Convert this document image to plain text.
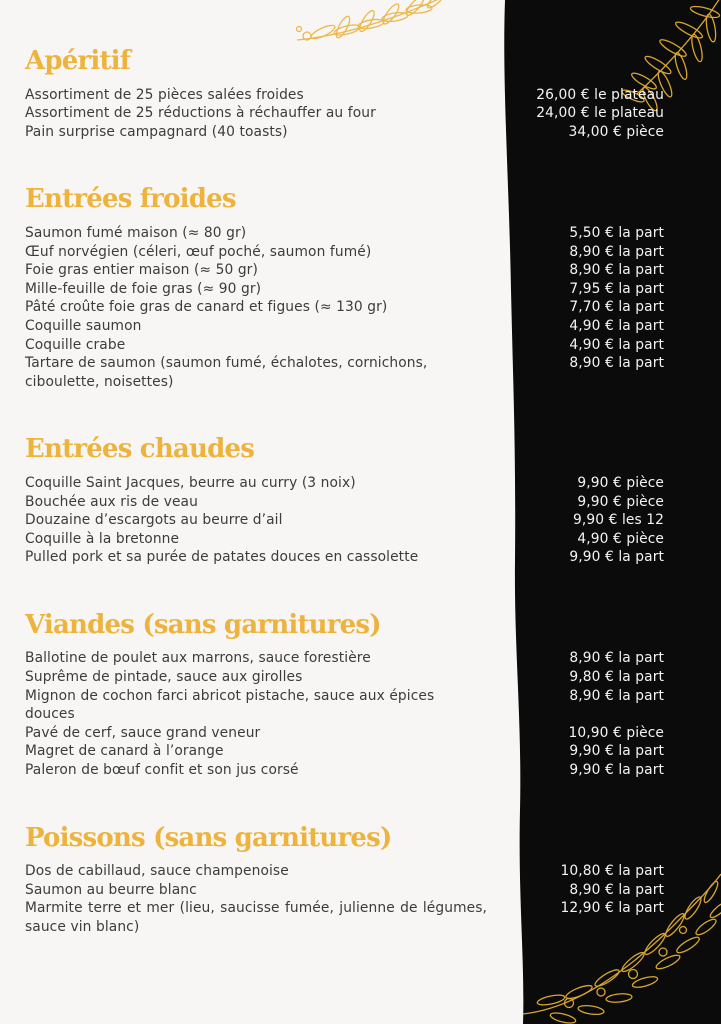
Apéritif
Assortiment de 25 pièces salées froides	26,00 € le plateau
Assortiment de 25 réductions à réchauffer au four	24,00 € le plateau
Pain surprise campagnard (40 toasts)	34,00 € pièce
Entrées froides
Saumon fumé maison (≈ 80 gr)	5,50 € la part
Œuf norvégien (céleri, œuf poché, saumon fumé)	8,90 € la part
Foie gras entier maison (≈ 50 gr)	8,90 € la part
Mille-feuille de foie gras (≈ 90 gr)	7,95 € la part
Pâté croûte foie gras de canard et figues (≈ 130 gr)	7,70 € la part
Coquille saumon	4,90 € la part
Coquille crabe	4,90 € la part
Tartare de saumon (saumon fumé, échalotes, cornichons, ciboulette, noisettes)
8,90 € la part
Entrées chaudes
Coquille Saint Jacques, beurre au curry (3 noix)	9,90 € pièce
Bouchée aux ris de veau	9,90 € pièce
Douzaine d’escargots au beurre d’ail	9,90 € les 12
Coquille à la bretonne	4,90 € pièce
Pulled pork et sa purée de patates douces en cassolette	9,90 € la part
Viandes (sans garnitures)
Ballotine de poulet aux marrons, sauce forestière	8,90 € la part
Suprême de pintade, sauce aux girolles	9,80 € la part
Mignon de cochon farci abricot pistache, sauce aux épices douces
8,90 € la part
Pavé de cerf, sauce grand veneur	10,90 € pièce
Magret de canard à l’orange	9,90 € la part
Paleron de bœuf confit et son jus corsé	9,90 € la part
Poissons (sans garnitures)
Dos de cabillaud, sauce champenoise	10,80 € la part
Saumon au beurre blanc	8,90 € la part
Marmite terre et mer (lieu, saucisse fumée, julienne de légumes, sauce vin blanc)
12,90 € la part
